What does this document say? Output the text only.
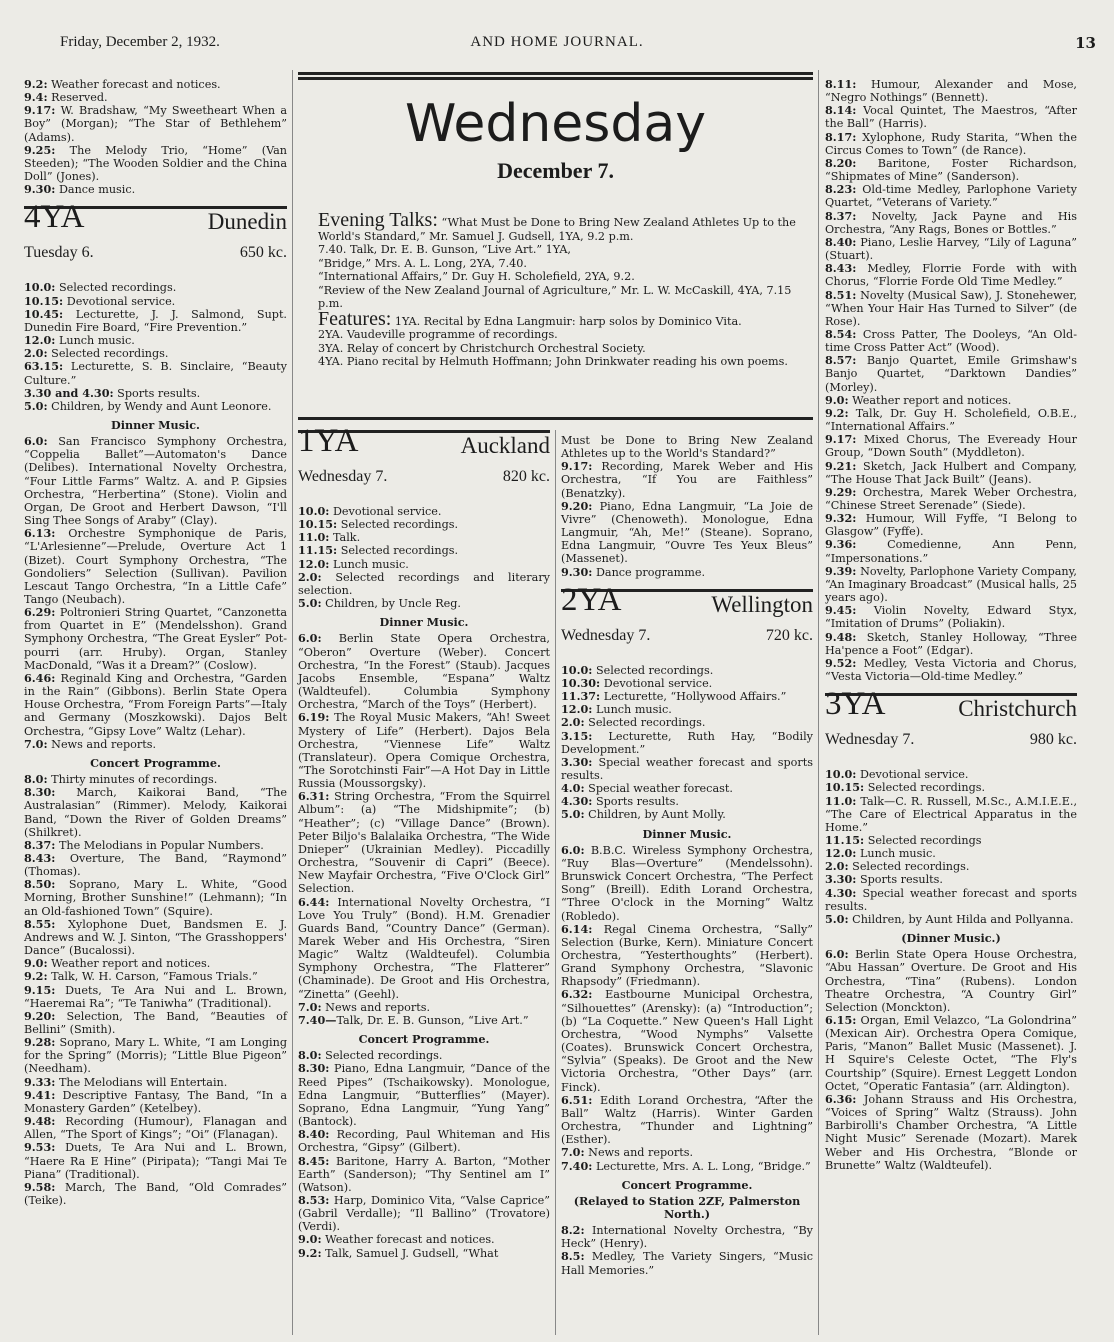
Friday, December 2, 1932.	AND HOME JOURNAL.	13

9.2: Weather forecast and notices.

9.4: Reserved.

9.17: W. Bradshaw, “My Sweetheart When a Boy” (Morgan); “The Star of Bethlehem” (Adams).

9.25: The Melody Trio, “Home” (Van Steeden); “The Wooden Soldier and the China Doll” (Jones).

9.30: Dance music.

4YA	Dunedin
Tuesday 6.	650 kc.

10.0: Selected recordings.

10.15: Devotional service.

10.45: Lecturette, J. J. Salmond, Supt. Dunedin Fire Board, “Fire Prevention.”

12.0: Lunch music.

2.0: Selected recordings.

63.15: Lecturette, S. B. Sinclaire, “Beauty Culture.”

3.30 and 4.30: Sports results.

5.0: Children, by Wendy and Aunt Leonore.

Dinner Music.

6.0: San Francisco Symphony Orchestra, “Coppelia Ballet”—Automaton's Dance (Delibes). International Novelty Orchestra, “Four Little Farms” Waltz. A. and P. Gipsies Orchestra, “Herbertina” (Stone). Violin and Organ, De Groot and Herbert Dawson, “I'll Sing Thee Songs of Araby” (Clay).

6.13: Orchestre Symphonique de Paris, “L'Arlesienne”—Prelude, Overture Act 1 (Bizet). Court Symphony Orchestra, “The Gondoliers” Selection (Sullivan). Pavilion Lescaut Tango Orchestra, “In a Little Cafe” Tango (Neubach).

6.29: Poltronieri String Quartet, “Canzonetta from Quartet in E” (Mendelsshon). Grand Symphony Orchestra, “The Great Eysler” Pot-pourri (arr. Hruby). Organ, Stanley MacDonald, “Was it a Dream?” (Coslow).

6.46: Reginald King and Orchestra, “Garden in the Rain” (Gibbons). Berlin State Opera House Orchestra, “From Foreign Parts”—Italy and Germany (Moszkowski). Dajos Belt Orchestra, “Gipsy Love” Waltz (Lehar).

7.0: News and reports.

Concert Programme.

8.0: Thirty minutes of recordings.

8.30: March, Kaikorai Band, “The Australasian” (Rimmer). Melody, Kaikorai Band, “Down the River of Golden Dreams” (Shilkret).

8.37: The Melodians in Popular Numbers.

8.43: Overture, The Band, “Raymond” (Thomas).

8.50: Soprano, Mary L. White, “Good Morning, Brother Sunshine!” (Lehmann); “In an Old-fashioned Town” (Squire).

8.55: Xylophone Duet, Bandsmen E. J. Andrews and W. J. Sinton, “The Grasshoppers' Dance” (Bucalossi).

9.0: Weather report and notices.

9.2: Talk, W. H. Carson, “Famous Trials.”

9.15: Duets, Te Ara Nui and L. Brown, “Haeremai Ra”; “Te Taniwha” (Traditional).

9.20: Selection, The Band, “Beauties of Bellini” (Smith).

9.28: Soprano, Mary L. White, “I am Longing for the Spring” (Morris); “Little Blue Pigeon” (Needham).

9.33: The Melodians will Entertain.

9.41: Descriptive Fantasy, The Band, “In a Monastery Garden” (Ketelbey).

9.48: Recording (Humour), Flanagan and Allen, “The Sport of Kings”; “Oi” (Flanagan).

9.53: Duets, Te Ara Nui and L. Brown, “Haere Ra E Hine” (Piripata); “Tangi Mai Te Piana” (Traditional).

9.58: March, The Band, “Old Comrades” (Teike).

Wednesday
December 7.
Evening Talks: “What Must be Done to Bring New Zealand Athletes Up to the World's Standard,” Mr. Samuel J. Gudsell, 1YA, 9.2 p.m.
7.40. Talk, Dr. E. B. Gunson, “Live Art.” 1YA,
“Bridge,” Mrs. A. L. Long, 2YA, 7.40.
“International Affairs,” Dr. Guy H. Scholefield, 2YA, 9.2.
“Review of the New Zealand Journal of Agriculture,” Mr. L. W. McCaskill, 4YA, 7.15 p.m.
Features: 1YA. Recital by Edna Langmuir: harp solos by Dominico Vita.
2YA. Vaudeville programme of recordings.
3YA. Relay of concert by Christchurch Orchestral Society.
4YA. Piano recital by Helmuth Hoffmann; John Drinkwater reading his own poems.
1YA	Auckland
Wednesday 7.	820 kc.

10.0: Devotional service.

10.15: Selected recordings.

11.0: Talk.

11.15: Selected recordings.

12.0: Lunch music.

2.0: Selected recordings and literary selection.

5.0: Children, by Uncle Reg.

Dinner Music.

6.0: Berlin State Opera Orchestra, “Oberon” Overture (Weber). Concert Orchestra, “In the Forest” (Staub). Jacques Jacobs Ensemble, “Espana” Waltz (Waldteufel). Columbia Symphony Orchestra, “March of the Toys” (Herbert).

6.19: The Royal Music Makers, “Ah! Sweet Mystery of Life” (Herbert). Dajos Bela Orchestra, “Viennese Life” Waltz (Translateur). Opera Comique Orchestra, “The Sorotchinsti Fair”—A Hot Day in Little Russia (Moussorgsky).

6.31: String Orchestra, “From the Squirrel Album”: (a) “The Midshipmite”; (b) “Heather”; (c) “Village Dance” (Brown). Peter Biljo's Balalaika Orchestra, “The Wide Dnieper” (Ukrainian Medley). Piccadilly Orchestra, “Souvenir di Capri” (Beece). New Mayfair Orchestra, “Five O'Clock Girl” Selection.

6.44: International Novelty Orchestra, “I Love You Truly” (Bond). H.M. Grenadier Guards Band, “Country Dance” (German). Marek Weber and His Orchestra, “Siren Magic” Waltz (Waldteufel). Columbia Symphony Orchestra, “The Flatterer” (Chaminade). De Groot and His Orchestra, “Zinetta” (Geehl).

7.0: News and reports.

7.40—Talk, Dr. E. B. Gunson, “Live Art.”

Concert Programme.

8.0: Selected recordings.

8.30: Piano, Edna Langmuir, “Dance of the Reed Pipes” (Tschaikowsky). Monologue, Edna Langmuir, “Butterflies” (Mayer). Soprano, Edna Langmuir, “Yung Yang” (Bantock).

8.40: Recording, Paul Whiteman and His Orchestra, “Gipsy” (Gilbert).

8.45: Baritone, Harry A. Barton, “Mother Earth” (Sanderson); “Thy Sentinel am I” (Watson).

8.53: Harp, Dominico Vita, “Valse Caprice” (Gabril Verdalle); “Il Ballino” (Trovatore) (Verdi).

9.0: Weather forecast and notices.

9.2: Talk, Samuel J. Gudsell, “What

Must be Done to Bring New Zealand Athletes up to the World's Standard?”

9.17: Recording, Marek Weber and His Orchestra, “If You are Faithless” (Benatzky).

9.20: Piano, Edna Langmuir, “La Joie de Vivre” (Chenoweth). Monologue, Edna Langmuir, “Ah, Me!” (Steane). Soprano, Edna Langmuir, “Ouvre Tes Yeux Bleus” (Massenet).

9.30: Dance programme.

2YA	Wellington
Wednesday 7.	720 kc.

10.0: Selected recordings.

10.30: Devotional service.

11.37: Lecturette, “Hollywood Affairs.”

12.0: Lunch music.

2.0: Selected recordings.

3.15: Lecturette, Ruth Hay, “Bodily Development.”

3.30: Special weather forecast and sports results.

4.0: Special weather forecast.

4.30: Sports results.

5.0: Children, by Aunt Molly.

Dinner Music.

6.0: B.B.C. Wireless Symphony Orchestra, “Ruy Blas—Overture” (Mendelssohn). Brunswick Concert Orchestra, “The Perfect Song” (Breill). Edith Lorand Orchestra, “Three O'clock in the Morning” Waltz (Robledo).

6.14: Regal Cinema Orchestra, “Sally” Selection (Burke, Kern). Miniature Concert Orchestra, “Yesterthoughts” (Herbert). Grand Symphony Orchestra, “Slavonic Rhapsody” (Friedmann).

6.32: Eastbourne Municipal Orchestra, “Silhouettes” (Arensky): (a) “Introduction”; (b) “La Coquette.” New Queen's Hall Light Orchestra, “Wood Nymphs” Valsette (Coates). Brunswick Concert Orchestra, “Sylvia” (Speaks). De Groot and the New Victoria Orchestra, “Other Days” (arr. Finck).

6.51: Edith Lorand Orchestra, “After the Ball” Waltz (Harris). Winter Garden Orchestra, “Thunder and Lightning” (Esther).

7.0: News and reports.

7.40: Lecturette, Mrs. A. L. Long, “Bridge.”

Concert Programme.
(Relayed to Station 2ZF, Palmerston North.)

8.2: International Novelty Orchestra, “By Heck” (Henry).

8.5: Medley, The Variety Singers, “Music Hall Memories.”

8.11: Humour, Alexander and Mose, “Negro Nothings” (Bennett).

8.14: Vocal Quintet, The Maestros, “After the Ball” (Harris).

8.17: Xylophone, Rudy Starita, “When the Circus Comes to Town” (de Rance).

8.20: Baritone, Foster Richardson, “Shipmates of Mine” (Sanderson).

8.23: Old-time Medley, Parlophone Variety Quartet, “Veterans of Variety.”

8.37: Novelty, Jack Payne and His Orchestra, “Any Rags, Bones or Bottles.”

8.40: Piano, Leslie Harvey, “Lily of Laguna” (Stuart).

8.43: Medley, Florrie Forde with with Chorus, “Florrie Forde Old Time Medley.”

8.51: Novelty (Musical Saw), J. Stonehewer, “When Your Hair Has Turned to Silver” (de Rose).

8.54: Cross Patter, The Dooleys, “An Old-time Cross Patter Act” (Wood).

8.57: Banjo Quartet, Emile Grimshaw's Banjo Quartet, “Darktown Dandies” (Morley).

9.0: Weather report and notices.

9.2: Talk, Dr. Guy H. Scholefield, O.B.E., “International Affairs.”

9.17: Mixed Chorus, The Eveready Hour Group, “Down South” (Myddleton).

9.21: Sketch, Jack Hulbert and Company, “The House That Jack Built” (Jeans).

9.29: Orchestra, Marek Weber Orchestra, “Chinese Street Serenade” (Siede).

9.32: Humour, Will Fyffe, “I Belong to Glasgow” (Fyffe).

9.36: Comedienne, Ann Penn, “Impersonations.”

9.39: Novelty, Parlophone Variety Company, “An Imaginary Broadcast” (Musical halls, 25 years ago).

9.45: Violin Novelty, Edward Styx, “Imitation of Drums” (Poliakin).

9.48: Sketch, Stanley Holloway, “Three Ha'pence a Foot” (Edgar).

9.52: Medley, Vesta Victoria and Chorus, “Vesta Victoria—Old-time Medley.”

3YA	Christchurch
Wednesday 7.	980 kc.

10.0: Devotional service.

10.15: Selected recordings.

11.0: Talk—C. R. Russell, M.Sc., A.M.I.E.E., “The Care of Electrical Apparatus in the Home.”

11.15: Selected recordings

12.0: Lunch music.

2.0: Selected recordings.

3.30: Sports results.

4.30: Special weather forecast and sports results.

5.0: Children, by Aunt Hilda and Pollyanna.

(Dinner Music.)

6.0: Berlin State Opera House Orchestra, “Abu Hassan” Overture. De Groot and His Orchestra, “Tina” (Rubens). London Theatre Orchestra, “A Country Girl” Selection (Monckton).

6.15: Organ, Emil Velazco, “La Golondrina” (Mexican Air). Orchestra Opera Comique, Paris, “Manon” Ballet Music (Massenet). J. H Squire's Celeste Octet, “The Fly's Courtship” (Squire). Ernest Leggett London Octet, “Operatic Fantasia” (arr. Aldington).

6.36: Johann Strauss and His Orchestra, “Voices of Spring” Waltz (Strauss). John Barbirolli's Chamber Orchestra, “A Little Night Music” Serenade (Mozart). Marek Weber and His Orchestra, “Blonde or Brunette” Waltz (Waldteufel).
